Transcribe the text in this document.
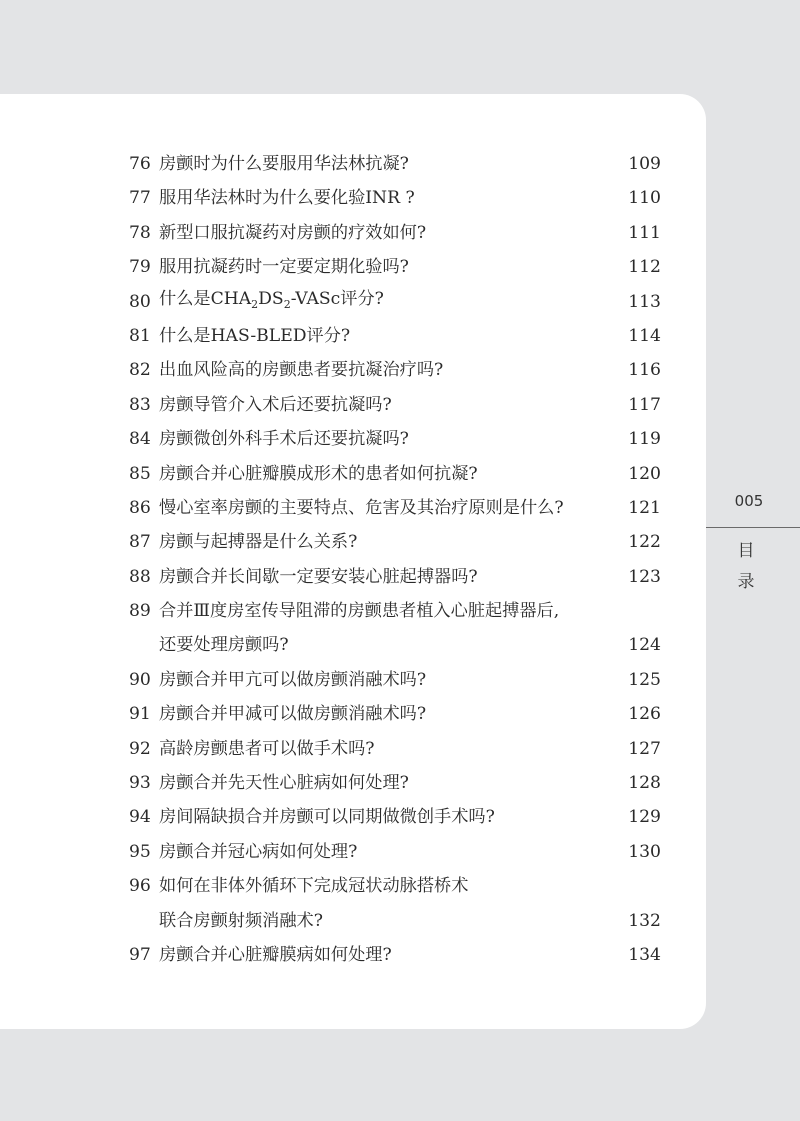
76 房颤时为什么要服用华法林抗凝?	109
77 服用华法林时为什么要化验INR ?	110
78 新型口服抗凝药对房颤的疗效如何?	111
79 服用抗凝药时一定要定期化验吗?	112
80 什么是$CHA_2DS_2$-VASc评分?	113
81 什么是HAS-BLED评分?	114
82 出血风险高的房颤患者要抗凝治疗吗?	116
83 房颤导管介入术后还要抗凝吗?	117
84 房颤微创外科手术后还要抗凝吗?	119
85 房颤合并心脏瓣膜成形术的患者如何抗凝?	120
86 慢心室率房颤的主要特点、危害及其治疗原则是什么?	121
87 房颤与起搏器是什么关系?	122
88 房颤合并长间歇一定要安装心脏起搏器吗?	123
89 合并Ⅲ度房室传导阻滞的房颤患者植入心脏起搏器后,
还要处理房颤吗?	124
90 房颤合并甲亢可以做房颤消融术吗?	125
91 房颤合并甲减可以做房颤消融术吗?	126
92 高龄房颤患者可以做手术吗?	127
93 房颤合并先天性心脏病如何处理?	128
94 房间隔缺损合并房颤可以同期做微创手术吗?	129
95 房颤合并冠心病如何处理?	130
96 如何在非体外循环下完成冠状动脉搭桥术
联合房颤射频消融术?	132
97 房颤合并心脏瓣膜病如何处理?	134
005
目
录
